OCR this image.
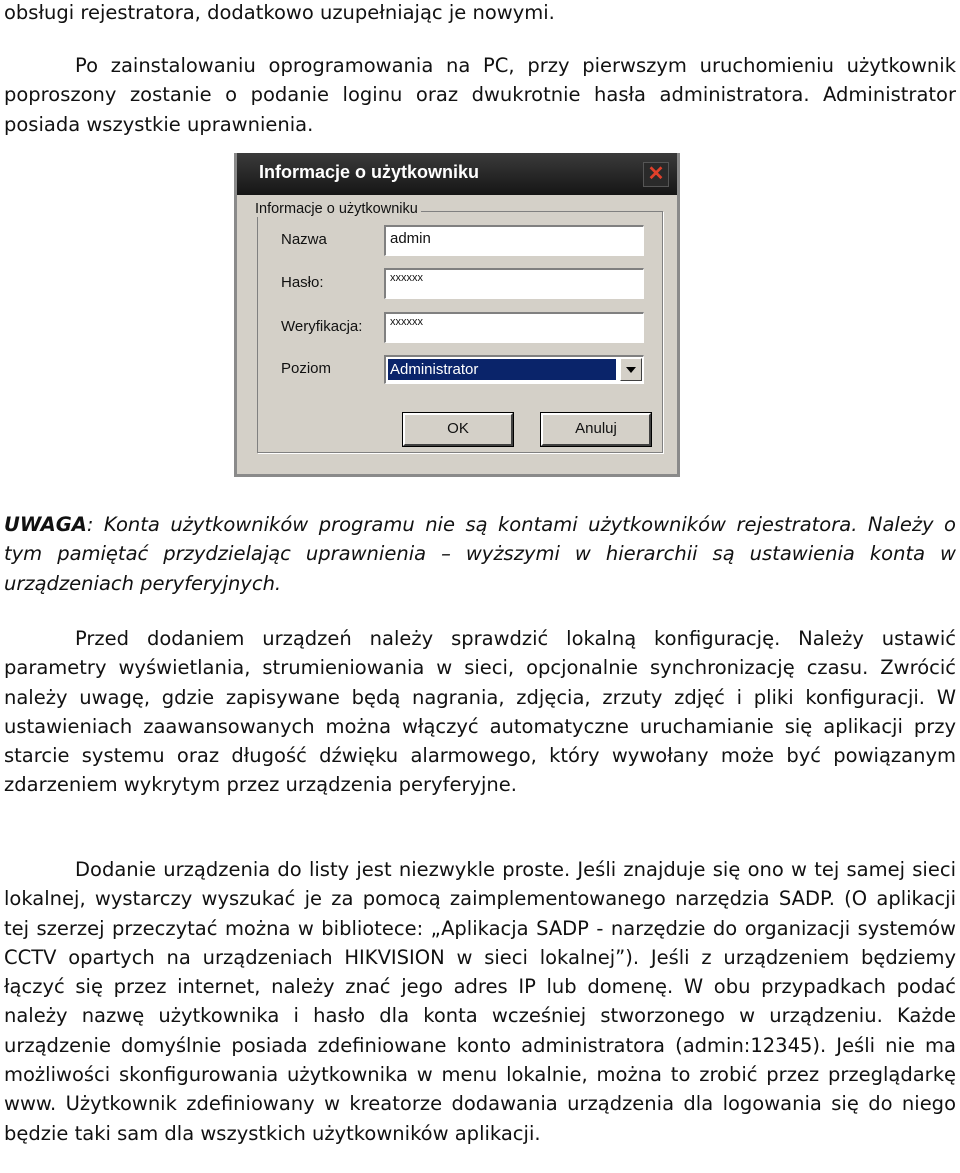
obsługi rejestratora, dodatkowo uzupełniając je nowymi.

Po zainstalowaniu oprogramowania na PC, przy pierwszym uruchomieniu użytkownik poproszony zostanie o podanie loginu oraz dwukrotnie hasła administratora. Administrator posiada wszystkie uprawnienia.

UWAGA: Konta użytkowników programu nie są kontami użytkowników rejestratora. Należy o tym pamiętać przydzielając uprawnienia – wyższymi w hierarchii są ustawienia konta w urządzeniach peryferyjnych.

Przed dodaniem urządzeń należy sprawdzić lokalną konfigurację. Należy ustawić parametry wyświetlania, strumieniowania w sieci, opcjonalnie synchronizację czasu. Zwrócić należy uwagę, gdzie zapisywane będą nagrania, zdjęcia, zrzuty zdjęć i pliki konfiguracji. W ustawieniach zaawansowanych można włączyć automatyczne uruchamianie się aplikacji przy starcie systemu oraz długość dźwięku alarmowego, który wywołany może być powiązanym zdarzeniem wykrytym przez urządzenia peryferyjne.

Dodanie urządzenia do listy jest niezwykle proste. Jeśli znajduje się ono w tej samej sieci lokalnej, wystarczy wyszukać je za pomocą zaimplementowanego narzędzia SADP. (O aplikacji tej szerzej przeczytać można w bibliotece: „Aplikacja SADP - narzędzie do organizacji systemów CCTV opartych na urządzeniach HIKVISION w sieci lokalnej”). Jeśli z urządzeniem będziemy łączyć się przez internet, należy znać jego adres IP lub domenę. W obu przypadkach podać należy nazwę użytkownika i hasło dla konta wcześniej stworzonego w urządzeniu. Każde urządzenie domyślnie posiada zdefiniowane konto administratora (admin:12345). Jeśli nie ma możliwości skonfigurowania użytkownika w menu lokalnie, można to zrobić przez przeglądarkę www. Użytkownik zdefiniowany w kreatorze dodawania urządzenia dla logowania się do niego będzie taki sam dla wszystkich użytkowników aplikacji.

Informacje o użytkowniku	✕
Informacje o użytkowniku
Nazwa	admin
Hasło:	xxxxxx
Weryfikacja:	xxxxxx
Poziom	Administrator
OK	Anuluj
